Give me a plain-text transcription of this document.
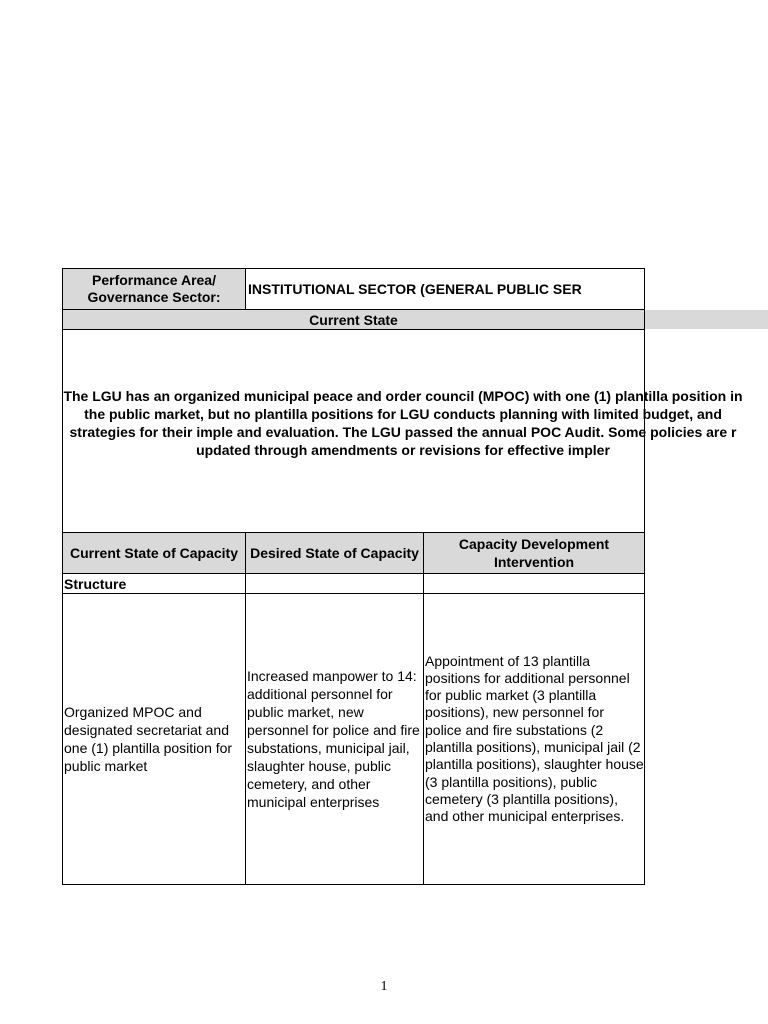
Performance Area/ Governance Sector:	INSTITUTIONAL SECTOR (GENERAL PUBLIC SER
Current State
The LGU has an organized municipal peace and order council (MPOC) with one (1) plantilla position in the public market, but no plantilla positions for LGU conducts planning with limited budget, and strategies for their imple and evaluation. The LGU passed the annual POC Audit. Some policies are r updated through amendments or revisions for effective impler
Current State of Capacity Desired State of Capacity
Capacity Development Intervention
Structure
Organized MPOC and designated secretariat and one (1) plantilla position for public market
Increased manpower to 14: additional personnel for public market, new personnel for police and fire substations, municipal jail, slaughter house, public cemetery, and other municipal enterprises
Appointment of 13 plantilla positions for additional personnel for public market (3 plantilla positions), new personnel for police and fire substations (2 plantilla positions), municipal jail (2 plantilla positions), slaughter house (3 plantilla positions), public cemetery (3 plantilla positions), and other municipal enterprises.
1
